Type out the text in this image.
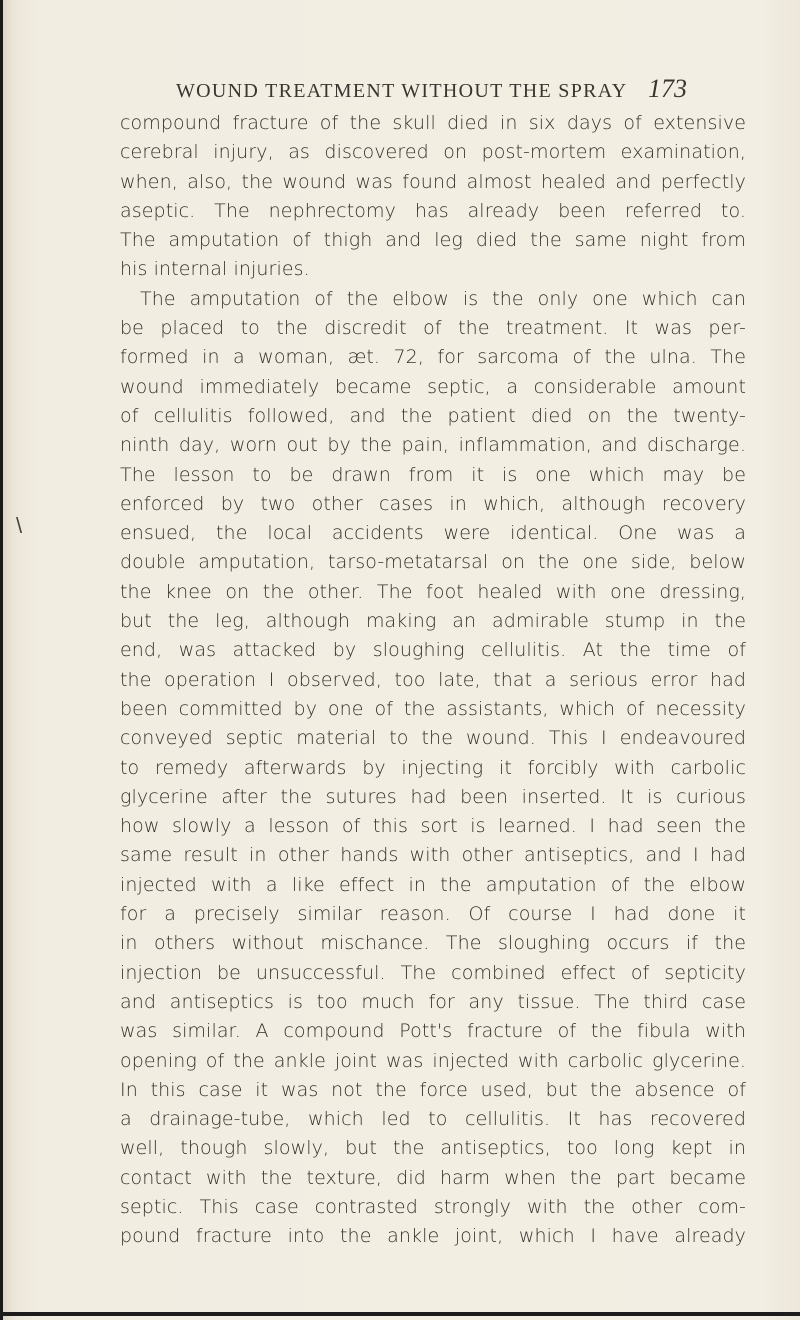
WOUND TREATMENT WITHOUT THE SPRAY 173
\
compound fracture of the skull died in six days of extensive
cerebral injury, as discovered on post-mortem examination,
when, also, the wound was found almost healed and perfectly
aseptic. The nephrectomy has already been referred to.
The amputation of thigh and leg died the same night from
his internal injuries.
The amputation of the elbow is the only one which can
be placed to the discredit of the treatment. It was per-
formed in a woman, æt. 72, for sarcoma of the ulna. The
wound immediately became septic, a considerable amount
of cellulitis followed, and the patient died on the twenty-
ninth day, worn out by the pain, inflammation, and discharge.
The lesson to be drawn from it is one which may be
enforced by two other cases in which, although recovery
ensued, the local accidents were identical. One was a
double amputation, tarso-metatarsal on the one side, below
the knee on the other. The foot healed with one dressing,
but the leg, although making an admirable stump in the
end, was attacked by sloughing cellulitis. At the time of
the operation I observed, too late, that a serious error had
been committed by one of the assistants, which of necessity
conveyed septic material to the wound. This I endeavoured
to remedy afterwards by injecting it forcibly with carbolic
glycerine after the sutures had been inserted. It is curious
how slowly a lesson of this sort is learned. I had seen the
same result in other hands with other antiseptics, and I had
injected with a like effect in the amputation of the elbow
for a precisely similar reason. Of course I had done it
in others without mischance. The sloughing occurs if the
injection be unsuccessful. The combined effect of septicity
and antiseptics is too much for any tissue. The third case
was similar. A compound Pott's fracture of the fibula with
opening of the ankle joint was injected with carbolic glycerine.
In this case it was not the force used, but the absence of
a drainage-tube, which led to cellulitis. It has recovered
well, though slowly, but the antiseptics, too long kept in
contact with the texture, did harm when the part became
septic. This case contrasted strongly with the other com-
pound fracture into the ankle joint, which I have already
